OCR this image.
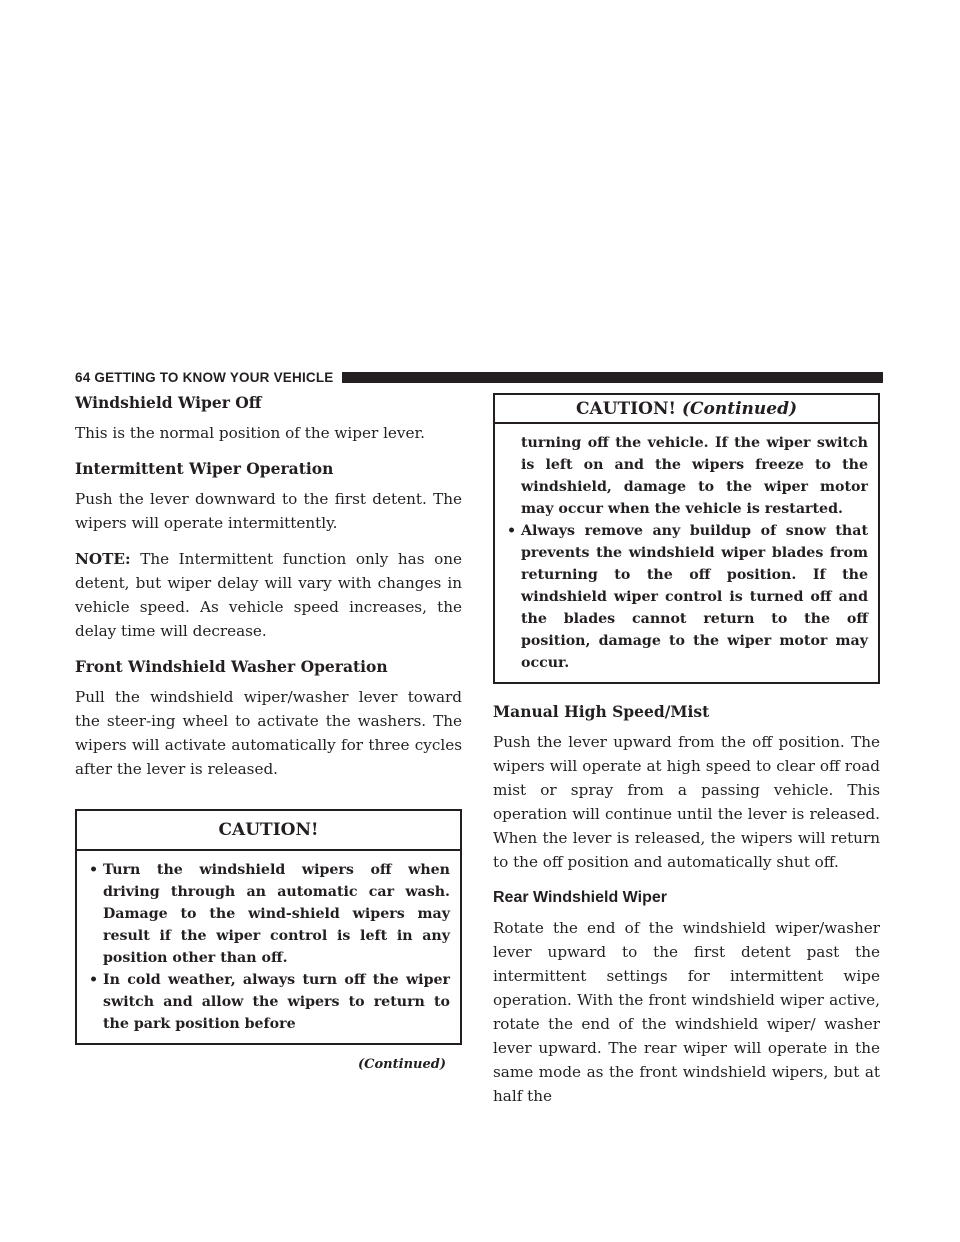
64 GETTING TO KNOW YOUR VEHICLE
Windshield Wiper Off

This is the normal position of the wiper lever.

Intermittent Wiper Operation

Push the lever downward to the first detent. The wipers will operate intermittently.

NOTE: The Intermittent function only has one detent, but wiper delay will vary with changes in vehicle speed. As vehicle speed increases, the delay time will decrease.

Front Windshield Washer Operation

Pull the windshield wiper/washer lever toward the steer-ing wheel to activate the washers. The wipers will activate automatically for three cycles after the lever is released.

CAUTION!
• Turn the windshield wipers off when driving through an automatic car wash. Damage to the wind-shield wipers may result if the wiper control is left in any position other than off.
• In cold weather, always turn off the wiper switch and allow the wipers to return to the park position before
(Continued)
CAUTION! (Continued)
turning off the vehicle. If the wiper switch is left on and the wipers freeze to the windshield, damage to the wiper motor may occur when the vehicle is restarted.
• Always remove any buildup of snow that prevents the windshield wiper blades from returning to the off position. If the windshield wiper control is turned off and the blades cannot return to the off position, damage to the wiper motor may occur.
Manual High Speed/Mist

Push the lever upward from the off position. The wipers will operate at high speed to clear off road mist or spray from a passing vehicle. This operation will continue until the lever is released. When the lever is released, the wipers will return to the off position and automatically shut off.

Rear Windshield Wiper

Rotate the end of the windshield wiper/washer lever upward to the first detent past the intermittent settings for intermittent wipe operation. With the front windshield wiper active, rotate the end of the windshield wiper/ washer lever upward. The rear wiper will operate in the same mode as the front windshield wipers, but at half the
